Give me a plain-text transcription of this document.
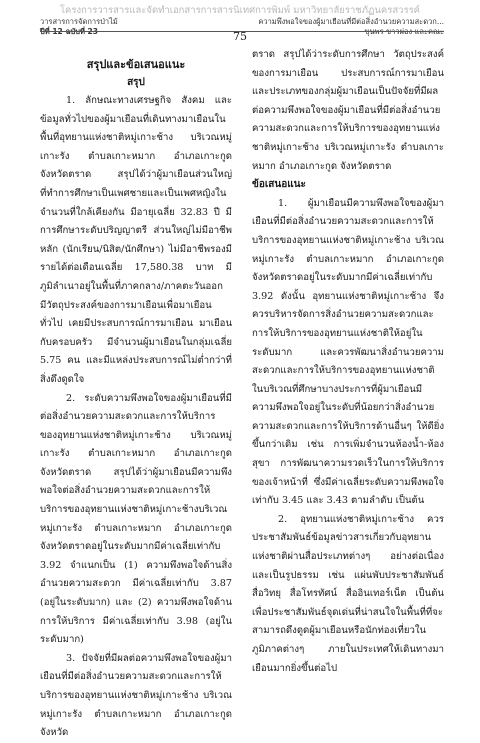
โครงการวารสารและจัดทำเอกสารการสารนิเทศการพิมพ์ มหาวิทยาลัยราชภัฏนครสวรรค์
วารสารการจัดการป่าไม้
ปีที่ 12 ฉบับที่ 23	75
ความพึงพอใจของผู้มาเยือนที่มีต่อสิ่งอำนวยความสะดวก...
ขุนพร ขาวผ่อง และคณะ
สรุปและข้อเสนอแนะ
สรุป

1. ลักษณะทางเศรษฐกิจ สังคม และข้อมูลทั่วไปของผู้มาเยือนที่เดินทางมาเยือนในพื้นที่อุทยานแห่งชาติหมู่เกาะช้าง บริเวณหมู่เกาะรัง ตำบลเกาะหมาก อำเภอเกาะกูด จังหวัดตราด สรุปได้ว่าผู้มาเยือนส่วนใหญ่ที่ทำการศึกษาเป็นเพศชายและเป็นเพศหญิงในจำนวนที่ใกล้เคียงกัน มีอายุเฉลี่ย 32.83 ปี มีการศึกษาระดับปริญญาตรี ส่วนใหญ่ไม่มีอาชีพหลัก (นักเรียน/นิสิต/นักศึกษา) ไม่มีอาชีพรองมีรายได้ต่อเดือนเฉลี่ย 17,580.38 บาท มีภูมิลำเนาอยู่ในพื้นที่ภาคกลาง/ภาคตะวันออก มีวัตถุประสงค์ของการมาเยือนเพื่อมาเยือนทั่วไป เคยมีประสบการณ์การมาเยือน มาเยือนกับครอบครัว มีจำนวนผู้มาเยือนในกลุ่มเฉลี่ย 5.75 คน และมีแหล่งประสบการณ์ไม่ต่ำกว่าที่สิ่งดึงดูดใจ

2. ระดับความพึงพอใจของผู้มาเยือนที่มีต่อสิ่งอำนวยความสะดวกและการให้บริการของอุทยานแห่งชาติหมู่เกาะช้าง บริเวณหมู่เกาะรัง ตำบลเกาะหมาก อำเภอเกาะกูด จังหวัดตราด สรุปได้ว่าผู้มาเยือนมีความพึงพอใจต่อสิ่งอำนวยความสะดวกและการให้บริการของอุทยานแห่งชาติหมู่เกาะช้างบริเวณหมู่เกาะรัง ตำบลเกาะหมาก อำเภอเกาะกูด จังหวัดตราดอยู่ในระดับมากมีค่าเฉลี่ยเท่ากับ 3.92 จำแนกเป็น (1) ความพึงพอใจด้านสิ่งอำนวยความสะดวก มีค่าเฉลี่ยเท่ากับ 3.87 (อยู่ในระดับมาก) และ (2) ความพึงพอใจด้านการให้บริการ มีค่าเฉลี่ยเท่ากับ 3.98 (อยู่ในระดับมาก)

3. ปัจจัยที่มีผลต่อความพึงพอใจของผู้มาเยือนที่มีต่อสิ่งอำนวยความสะดวกและการให้บริการของอุทยานแห่งชาติหมู่เกาะช้าง บริเวณหมู่เกาะรัง ตำบลเกาะหมาก อำเภอเกาะกูด จังหวัด

ตราด สรุปได้ว่าระดับการศึกษา วัตถุประสงค์ของการมาเยือน ประสบการณ์การมาเยือน และประเภทของกลุ่มผู้มาเยือนเป็นปัจจัยที่มีผลต่อความพึงพอใจของผู้มาเยือนที่มีต่อสิ่งอำนวยความสะดวกและการให้บริการของอุทยานแห่งชาติหมู่เกาะช้าง บริเวณหมู่เกาะรัง ตำบลเกาะหมาก อำเภอเกาะกูด จังหวัดตราด

ข้อเสนอแนะ

1. ผู้มาเยือนมีความพึงพอใจของผู้มาเยือนที่มีต่อสิ่งอำนวยความสะดวกและการให้บริการของอุทยานแห่งชาติหมู่เกาะช้าง บริเวณหมู่เกาะรัง ตำบลเกาะหมาก อำเภอเกาะกูด จังหวัดตราดอยู่ในระดับมากมีค่าเฉลี่ยเท่ากับ 3.92 ดังนั้น อุทยานแห่งชาติหมู่เกาะช้าง จึงควรบริหารจัดการสิ่งอำนวยความสะดวกและการให้บริการของอุทยานแห่งชาติให้อยู่ในระดับมาก และควรพัฒนาสิ่งอำนวยความสะดวกและการให้บริการของอุทยานแห่งชาติในบริเวณที่ศึกษาบางประการที่ผู้มาเยือนมีความพึงพอใจอยู่ในระดับที่น้อยกว่าสิ่งอำนวยความสะดวกและการให้บริการด้านอื่นๆ ให้ดียิ่งขึ้นกว่าเดิม เช่น การเพิ่มจำนวนห้องน้ำ-ห้องสุขา การพัฒนาความรวดเร็วในการให้บริการของเจ้าหน้าที่ ซึ่งมีค่าเฉลี่ยระดับความพึงพอใจ เท่ากับ 3.45 และ 3.43 ตามลำดับ เป็นต้น

2. อุทยานแห่งชาติหมู่เกาะช้าง ควรประชาสัมพันธ์ข้อมูลข่าวสารเกี่ยวกับอุทยานแห่งชาติผ่านสื่อประเภทต่างๆ อย่างต่อเนื่องและเป็นรูปธรรม เช่น แผ่นพับประชาสัมพันธ์ สื่อวิทยุ สื่อโทรทัศน์ สื่ออินเทอร์เน็ต เป็นต้น เพื่อประชาสัมพันธ์จุดเด่นที่น่าสนใจในพื้นที่ที่จะสามารถดึงดูดผู้มาเยือนหรือนักท่องเที่ยวในภูมิภาคต่างๆ ภายในประเทศให้เดินทางมาเยือนมากยิ่งขึ้นต่อไป
